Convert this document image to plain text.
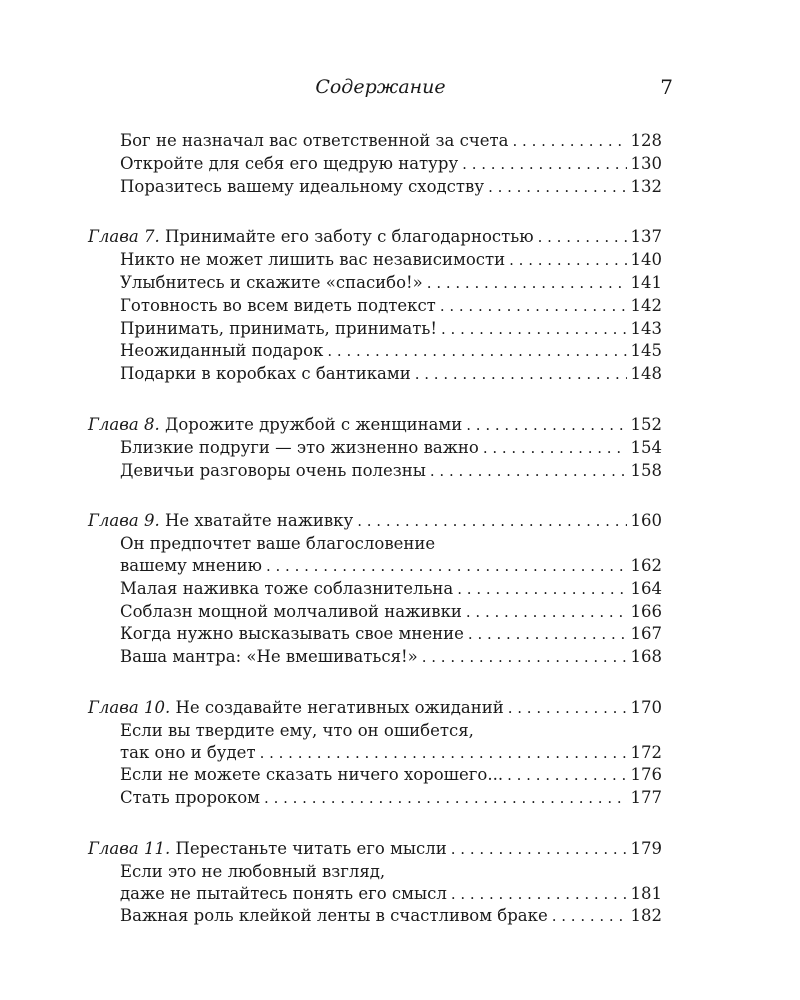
Содержание	7
Бог не назначал вас ответственной за счета . . .	128
Откройте для себя его щедрую натуру . . .	130
Поразитесь вашему идеальному сходству . . .	132
Глава 7. Принимайте его заботу с благодарностью . . .	137
Никто не может лишить вас независимости . . .	140
Улыбнитесь и скажите «спасибо!» . . .	141
Готовность во всем видеть подтекст . . .	142
Принимать, принимать, принимать! . . .	143
Неожиданный подарок . . .	145
Подарки в коробках с бантиками . . .	148
Глава 8. Дорожите дружбой с женщинами . . .	152
Близкие подруги — это жизненно важно . . .	154
Девичьи разговоры очень полезны . . .	158
Глава 9. Не хватайте наживку . . .	160
Он предпочтет ваше благословение
вашему мнению . . .	162
Малая наживка тоже соблазнительна . . .	164
Соблазн мощной молчаливой наживки . . .	166
Когда нужно высказывать свое мнение . . .	167
Ваша мантра: «Не вмешиваться!» . . .	168
Глава 10. Не создавайте негативных ожиданий . . .	170
Если вы твердите ему, что он ошибется,
так оно и будет . . .	172
Если не можете сказать ничего хорошего... . . .	176
Стать пророком . . .	177
Глава 11. Перестаньте читать его мысли . . .	179
Если это не любовный взгляд,
даже не пытайтесь понять его смысл . . .	181
Важная роль клейкой ленты в счастливом браке . . .	182
